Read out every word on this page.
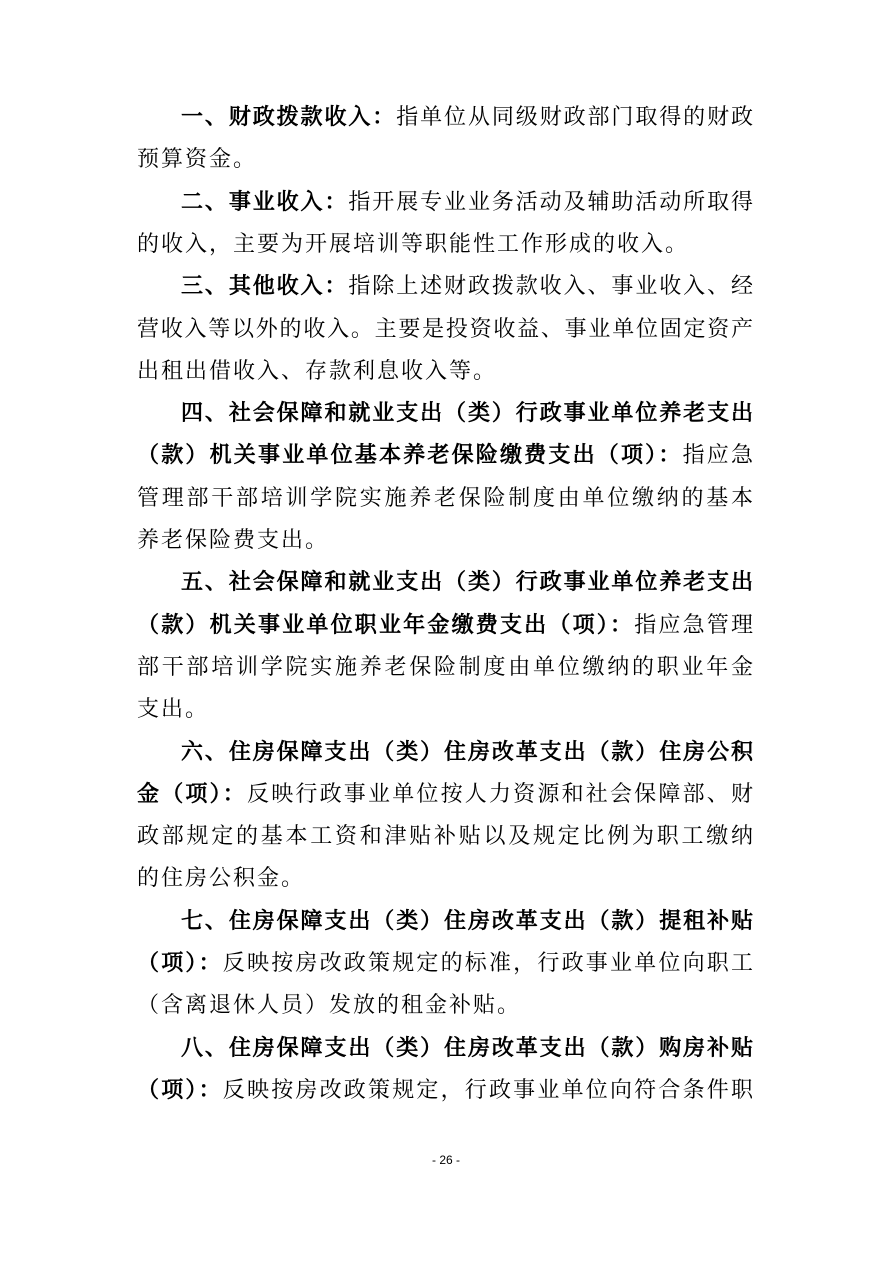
一、财政拨款收入：指单位从同级财政部门取得的财政
预算资金。
二、事业收入：指开展专业业务活动及辅助活动所取得
的收入，主要为开展培训等职能性工作形成的收入。
三、其他收入：指除上述财政拨款收入、事业收入、经
营收入等以外的收入。主要是投资收益、事业单位固定资产
出租出借收入、存款利息收入等。
四、社会保障和就业支出（类）行政事业单位养老支出
（款）机关事业单位基本养老保险缴费支出（项）：指应急
管理部干部培训学院实施养老保险制度由单位缴纳的基本
养老保险费支出。
五、社会保障和就业支出（类）行政事业单位养老支出
（款）机关事业单位职业年金缴费支出（项）：指应急管理
部干部培训学院实施养老保险制度由单位缴纳的职业年金
支出。
六、住房保障支出（类）住房改革支出（款）住房公积
金（项）：反映行政事业单位按人力资源和社会保障部、财
政部规定的基本工资和津贴补贴以及规定比例为职工缴纳
的住房公积金。
七、住房保障支出（类）住房改革支出（款）提租补贴
（项）：反映按房改政策规定的标准，行政事业单位向职工
（含离退休人员）发放的租金补贴。
八、住房保障支出（类）住房改革支出（款）购房补贴
（项）：反映按房改政策规定，行政事业单位向符合条件职
- 26 -
